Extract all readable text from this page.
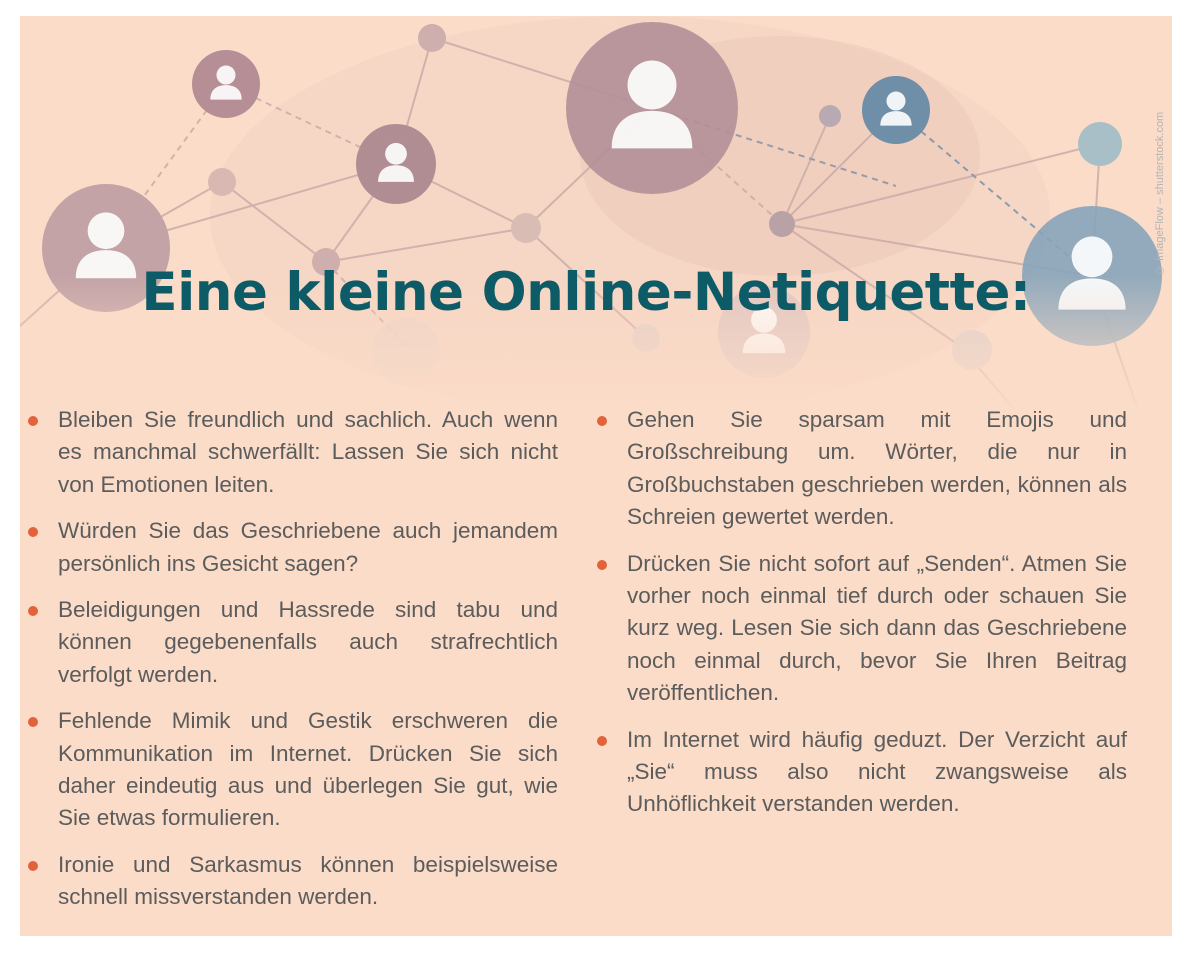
© ImageFlow – shutterstock.com
Eine kleine Online-Netiquette:
Bleiben Sie freundlich und sachlich. Auch wenn es manchmal schwerfällt: Lassen Sie sich nicht von Emotionen leiten.
Würden Sie das Geschriebene auch jemandem persönlich ins Gesicht sagen?
Beleidigungen und Hassrede sind tabu und können gegebenenfalls auch strafrechtlich verfolgt werden.
Fehlende Mimik und Gestik erschweren die Kommunikation im Internet. Drücken Sie sich daher eindeutig aus und überlegen Sie gut, wie Sie etwas formulieren.
Ironie und Sarkasmus können beispielsweise schnell missverstanden werden.
Gehen Sie sparsam mit Emojis und Großschreibung um. Wörter, die nur in Großbuchstaben geschrieben werden, können als Schreien gewertet werden.
Drücken Sie nicht sofort auf „Senden“. Atmen Sie vorher noch einmal tief durch oder schauen Sie kurz weg. Lesen Sie sich dann das Geschriebene noch einmal durch, bevor Sie Ihren Beitrag veröffentlichen.
Im Internet wird häufig geduzt. Der Verzicht auf „Sie“ muss also nicht zwangsweise als Unhöflichkeit verstanden werden.
